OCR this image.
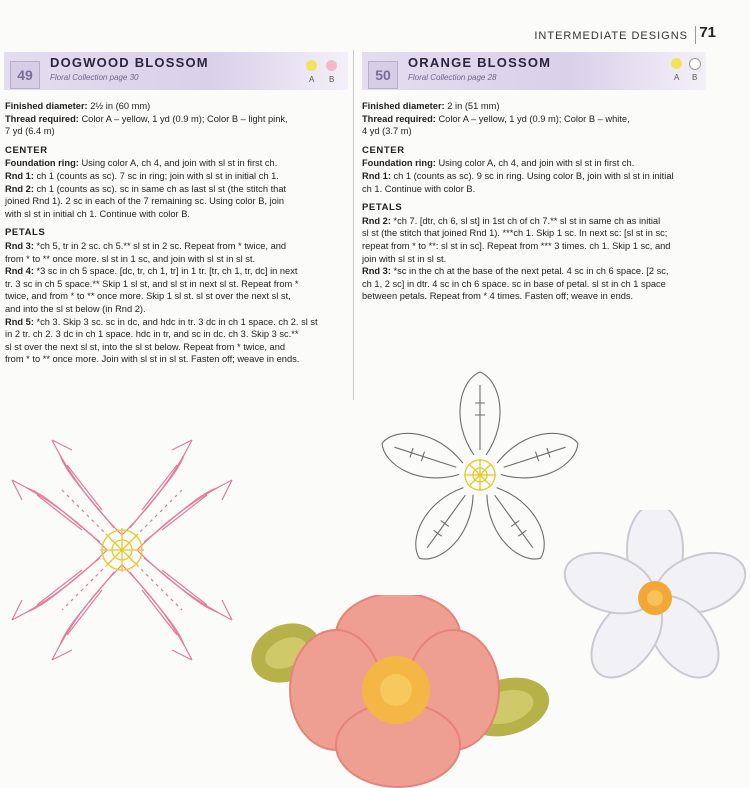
INTERMEDIATE DESIGNS 71
49
DOGWOOD BLOSSOM
Floral Collection page 30	A B	50
ORANGE BLOSSOM
Floral Collection page 28	A B

Finished diameter: 2½ in (60 mm)

Thread required: Color A – yellow, 1 yd (0.9 m); Color B – light pink,

7 yd (6.4 m)

CENTER

Foundation ring: Using color A, ch 4, and join with sl st in first ch.

Rnd 1: ch 1 (counts as sc). 7 sc in ring; join with sl st in initial ch 1.

Rnd 2: ch 1 (counts as sc). sc in same ch as last sl st (the stitch that

joined Rnd 1). 2 sc in each of the 7 remaining sc. Using color B, join

with sl st in initial ch 1. Continue with color B.

PETALS

Rnd 3: *ch 5, tr in 2 sc. ch 5.** sl st in 2 sc. Repeat from * twice, and

from * to ** once more. sl st in 1 sc, and join with sl st in sl st.

Rnd 4: *3 sc in ch 5 space. [dc, tr, ch 1, tr] in 1 tr. [tr, ch 1, tr, dc] in next

tr. 3 sc in ch 5 space.** Skip 1 sl st, and sl st in next sl st. Repeat from *

twice, and from * to ** once more. Skip 1 sl st. sl st over the next sl st,

and into the sl st below (in Rnd 2).

Rnd 5: *ch 3. Skip 3 sc. sc in dc, and hdc in tr. 3 dc in ch 1 space. ch 2. sl st

in 2 tr. ch 2. 3 dc in ch 1 space. hdc in tr, and sc in dc. ch 3. Skip 3 sc.**

sl st over the next sl st, into the sl st below. Repeat from * twice, and

from * to ** once more. Join with sl st in sl st. Fasten off; weave in ends.

Finished diameter: 2 in (51 mm)

Thread required: Color A – yellow, 1 yd (0.9 m); Color B – white,

4 yd (3.7 m)

CENTER

Foundation ring: Using color A, ch 4, and join with sl st in first ch.

Rnd 1: ch 1 (counts as sc). 9 sc in ring. Using color B, join with sl st in initial

ch 1. Continue with color B.

PETALS

Rnd 2: *ch 7. [dtr, ch 6, sl st] in 1st ch of ch 7.** sl st in same ch as initial

sl st (the stitch that joined Rnd 1). ***ch 1. Skip 1 sc. In next sc: [sl st in sc;

repeat from * to **: sl st in sc]. Repeat from *** 3 times. ch 1. Skip 1 sc, and

join with sl st in sl st.

Rnd 3: *sc in the ch at the base of the next petal. 4 sc in ch 6 space. [2 sc,

ch 1, 2 sc] in dtr. 4 sc in ch 6 space. sc in base of petal. sl st in ch 1 space

between petals. Repeat from * 4 times. Fasten off; weave in ends.
